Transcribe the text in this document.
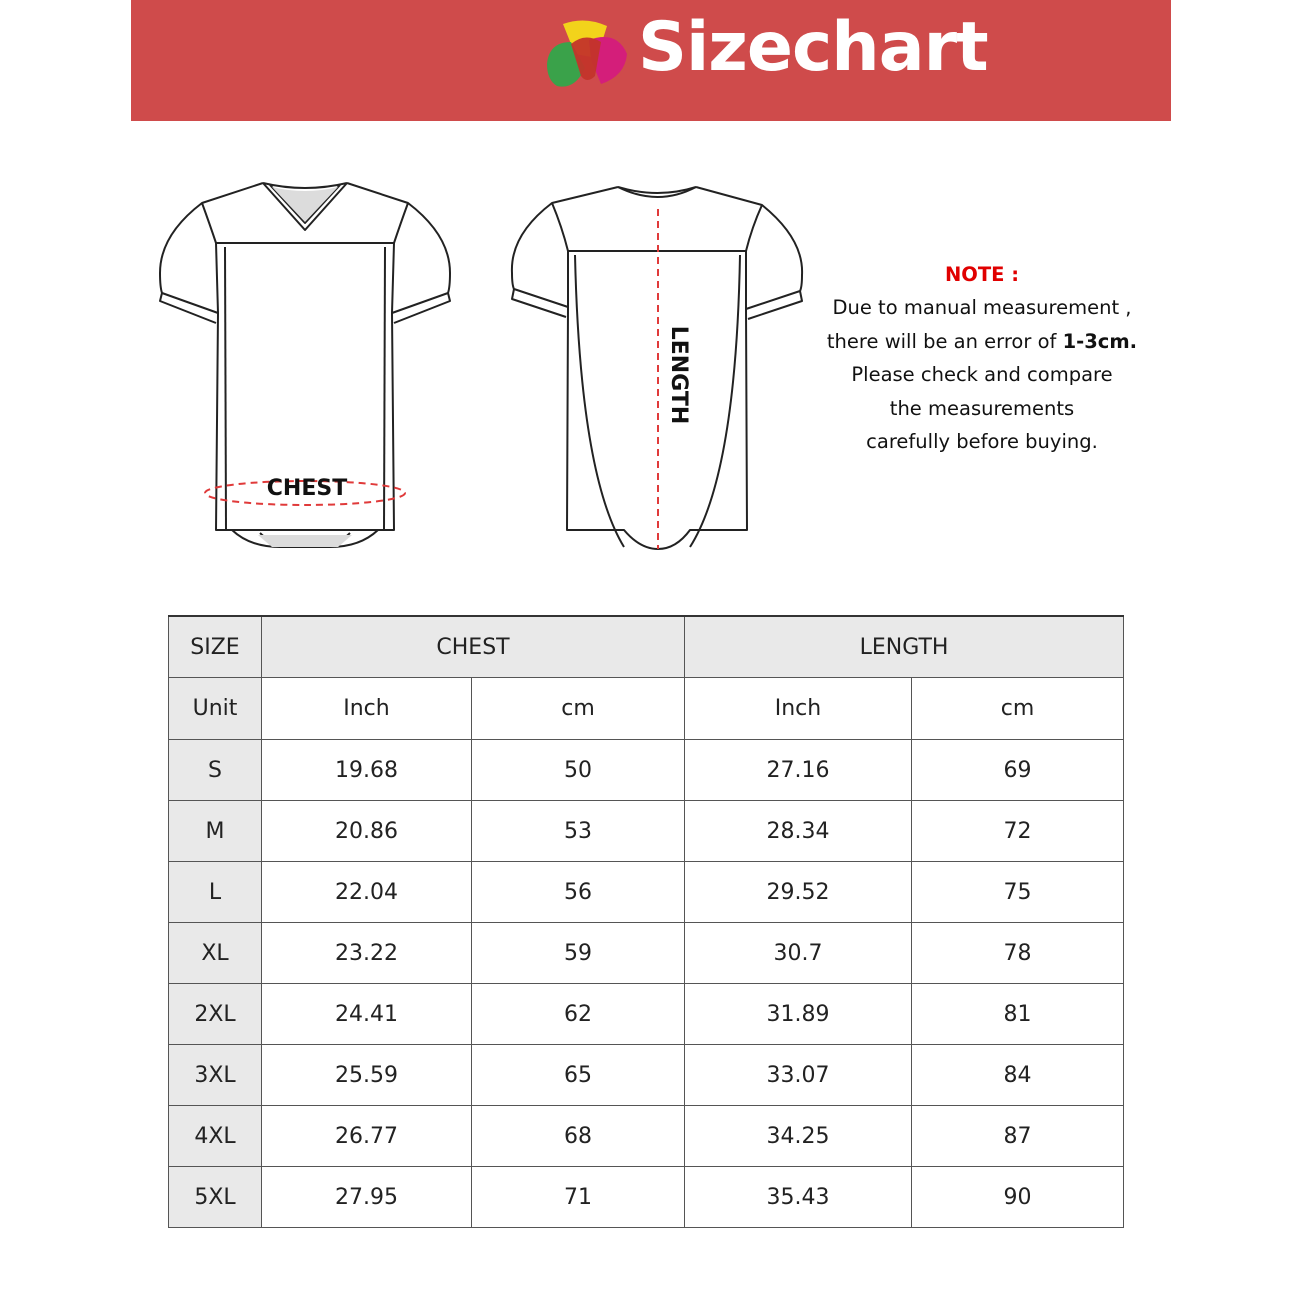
Sizechart
CHEST
LENGTH
NOTE :
Due to manual measurement ,
there will be an error of 1-3cm.
Please check and compare
the measurements
carefully before buying.
SIZE	CHEST		LENGTH	
Unit	Inch	cm	Inch	cm
S	19.68	50	27.16	69
M	20.86	53	28.34	72
L	22.04	56	29.52	75
XL	23.22	59	30.7	78
2XL	24.41	62	31.89	81
3XL	25.59	65	33.07	84
4XL	26.77	68	34.25	87
5XL	27.95	71	35.43	90
